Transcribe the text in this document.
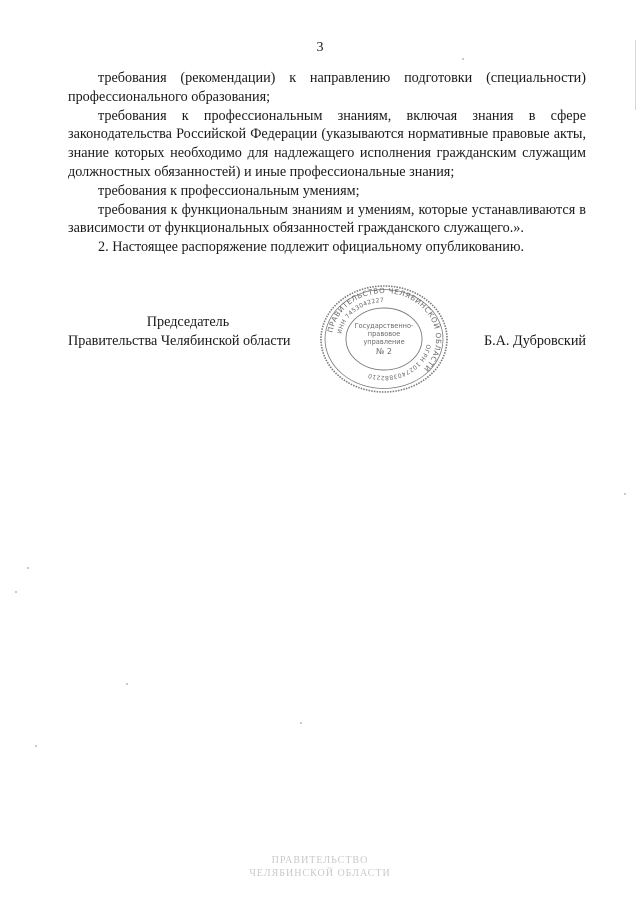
3

требования (рекомендации) к направлению подготовки (специальности) профессионального образования;

требования к профессиональным знаниям, включая знания в сфере законодательства Российской Федерации (указываются нормативные правовые акты, знание которых необходимо для надлежащего исполнения гражданским служащим должностных обязанностей) и иные профессиональные знания;

требования к профессиональным умениям;

требования к функциональным знаниям и умениям, которые устанавливаются в зависимости от функциональных обязанностей гражданского служащего.».

2. Настоящее распоряжение подлежит официальному опубликованию.

Председатель
Правительства Челябинской области	Б.А. Дубровский
ПРАВИТЕЛЬСТВО ЧЕЛЯБИНСКОЙ ОБЛАСТИ
ОГРН 1027403882210
ИНН 7453042227
Государственно-
правовое
управление
№ 2
ПРАВИТЕЛЬСТВО
ЧЕЛЯБИНСКОЙ ОБЛАСТИ
